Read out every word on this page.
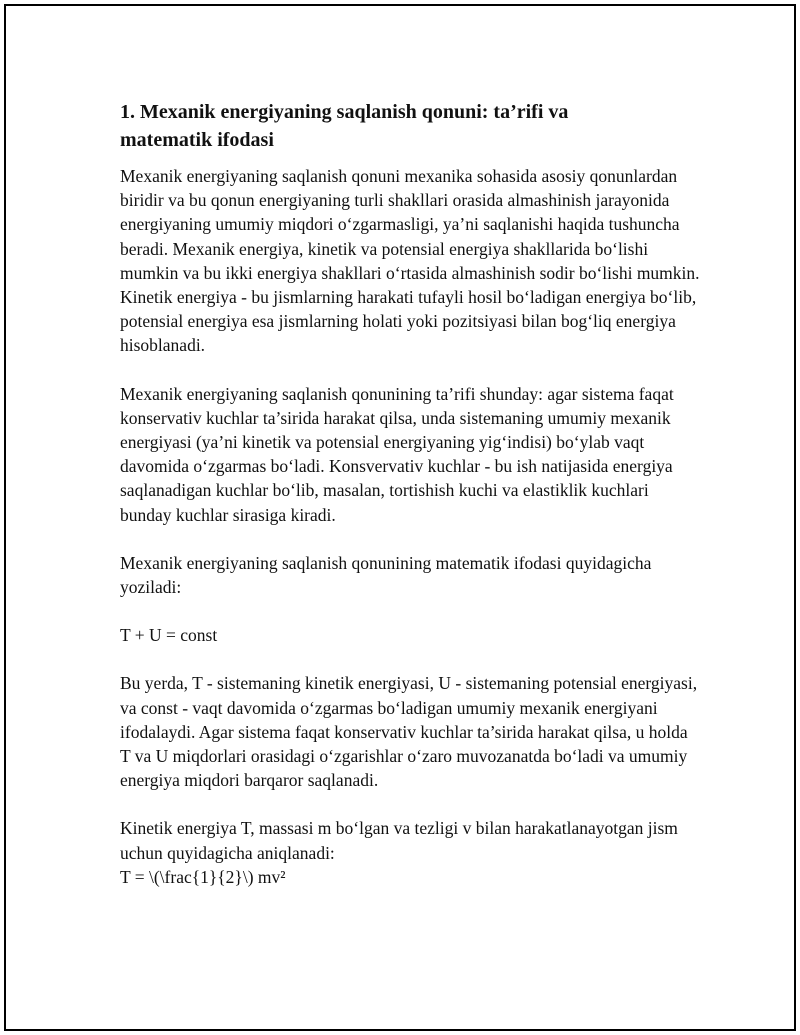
1. Mexanik energiyaning saqlanish qonuni: ta’rifi va matematik ifodasi

Mexanik energiyaning saqlanish qonuni mexanika sohasida asosiy qonunlardan biridir va bu qonun energiyaning turli shakllari orasida almashinish jarayonida energiyaning umumiy miqdori o‘zgarmasligi, ya’ni saqlanishi haqida tushuncha beradi. Mexanik energiya, kinetik va potensial energiya shakllarida bo‘lishi mumkin va bu ikki energiya shakllari o‘rtasida almashinish sodir bo‘lishi mumkin. Kinetik energiya - bu jismlarning harakati tufayli hosil bo‘ladigan energiya bo‘lib, potensial energiya esa jismlarning holati yoki pozitsiyasi bilan bog‘liq energiya hisoblanadi.

Mexanik energiyaning saqlanish qonunining ta’rifi shunday: agar sistema faqat konservativ kuchlar ta’sirida harakat qilsa, unda sistemaning umumiy mexanik energiyasi (ya’ni kinetik va potensial energiyaning yig‘indisi) bo‘ylab vaqt davomida o‘zgarmas bo‘ladi. Konsvervativ kuchlar - bu ish natijasida energiya saqlanadigan kuchlar bo‘lib, masalan, tortishish kuchi va elastiklik kuchlari bunday kuchlar sirasiga kiradi.

Mexanik energiyaning saqlanish qonunining matematik ifodasi quyidagicha yoziladi:

T + U = const

Bu yerda, T - sistemaning kinetik energiyasi, U - sistemaning potensial energiyasi, va const - vaqt davomida o‘zgarmas bo‘ladigan umumiy mexanik energiyani ifodalaydi. Agar sistema faqat konservativ kuchlar ta’sirida harakat qilsa, u holda T va U miqdorlari orasidagi o‘zgarishlar o‘zaro muvozanatda bo‘ladi va umumiy energiya miqdori barqaror saqlanadi.

Kinetik energiya T, massasi m bo‘lgan va tezligi v bilan harakatlanayotgan jism uchun quyidagicha aniqlanadi:

T = \(\frac{1}{2}\) mv²
